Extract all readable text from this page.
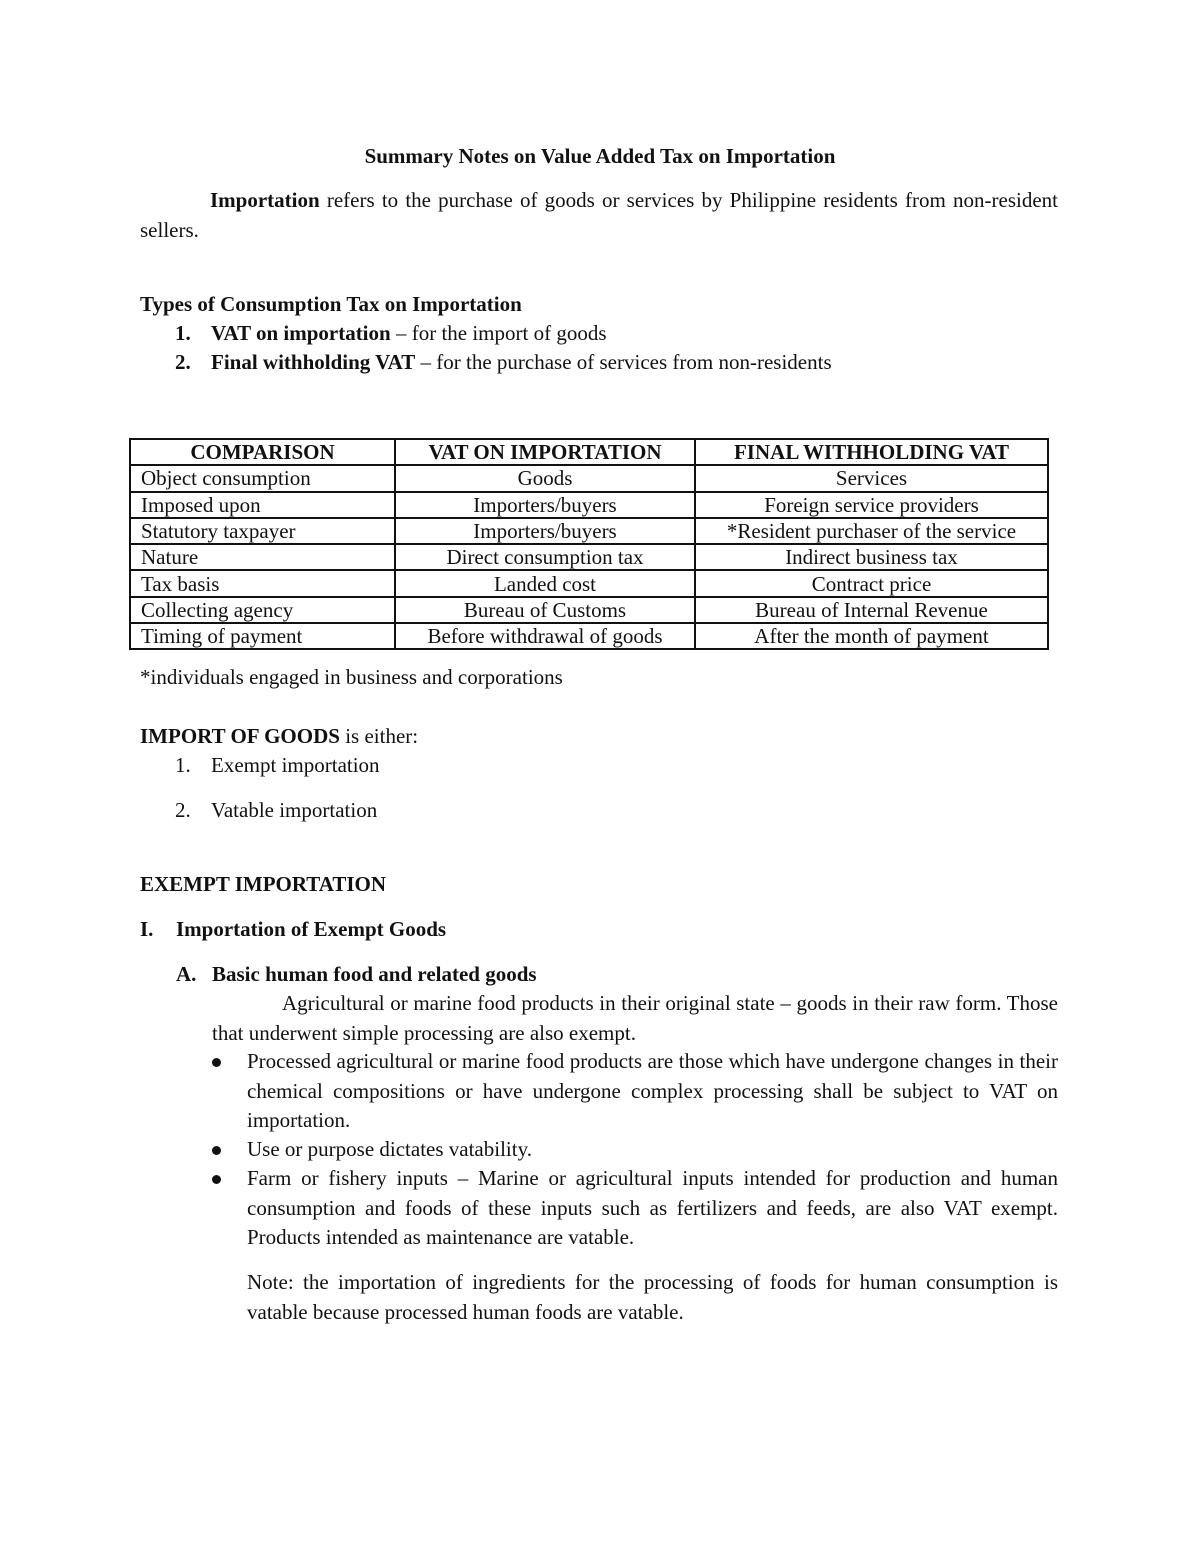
Summary Notes on Value Added Tax on Importation
Importation refers to the purchase of goods or services by Philippine residents from non-resident sellers.
Types of Consumption Tax on Importation
1. VAT on importation – for the import of goods
2. Final withholding VAT – for the purchase of services from non-residents
COMPARISON	VAT ON IMPORTATION	FINAL WITHHOLDING VAT
Object consumption	Goods	Services
Imposed upon	Importers/buyers	Foreign service providers
Statutory taxpayer	Importers/buyers	*Resident purchaser of the service
Nature	Direct consumption tax	Indirect business tax
Tax basis	Landed cost	Contract price
Collecting agency	Bureau of Customs	Bureau of Internal Revenue
Timing of payment	Before withdrawal of goods	After the month of payment
*individuals engaged in business and corporations
IMPORT OF GOODS is either:
1. Exempt importation
2. Vatable importation
EXEMPT IMPORTATION
I. Importation of Exempt Goods
A. Basic human food and related goods
Agricultural or marine food products in their original state – goods in their raw form. Those that underwent simple processing are also exempt.
Processed agricultural or marine food products are those which have undergone changes in their chemical compositions or have undergone complex processing shall be subject to VAT on importation.
Use or purpose dictates vatability.
Farm or fishery inputs – Marine or agricultural inputs intended for production and human consumption and foods of these inputs such as fertilizers and feeds, are also VAT exempt. Products intended as maintenance are vatable.
Note: the importation of ingredients for the processing of foods for human consumption is vatable because processed human foods are vatable.
